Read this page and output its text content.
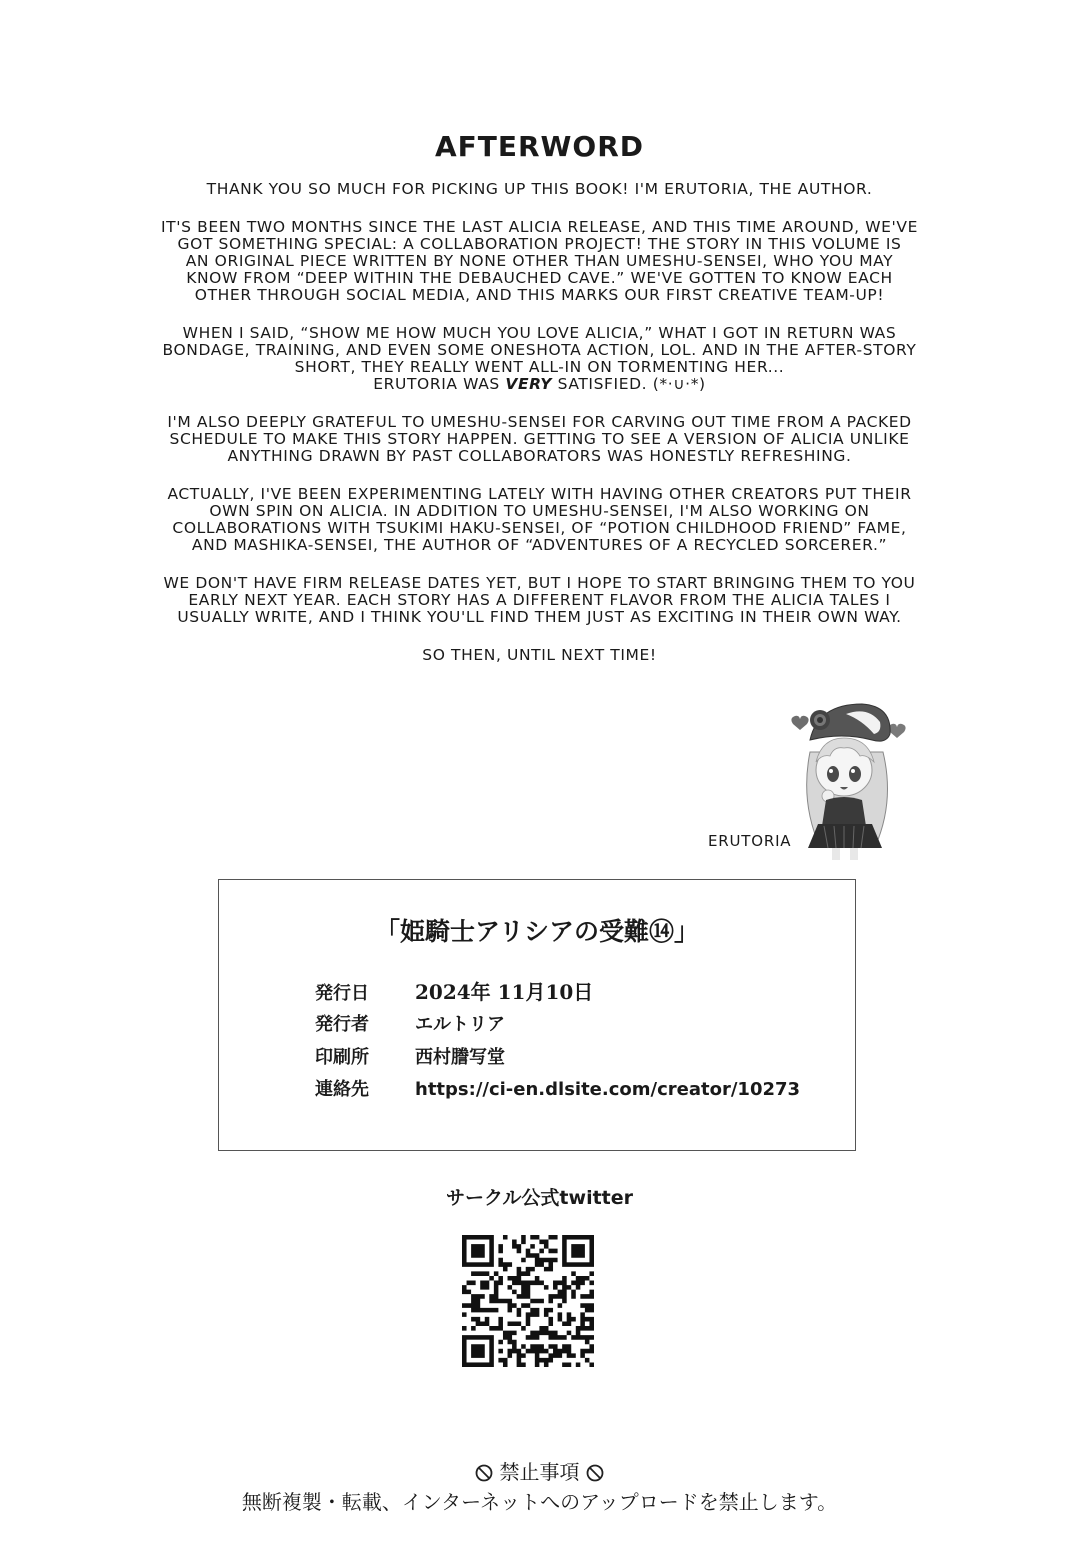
AFTERWORD

THANK YOU SO MUCH FOR PICKING UP THIS BOOK! I'M ERUTORIA, THE AUTHOR.

IT'S BEEN TWO MONTHS SINCE THE LAST ALICIA RELEASE, AND THIS TIME AROUND, WE'VE
GOT SOMETHING SPECIAL: A COLLABORATION PROJECT! THE STORY IN THIS VOLUME IS
AN ORIGINAL PIECE WRITTEN BY NONE OTHER THAN UMESHU-SENSEI, WHO YOU MAY
KNOW FROM “DEEP WITHIN THE DEBAUCHED CAVE.” WE'VE GOTTEN TO KNOW EACH
OTHER THROUGH SOCIAL MEDIA, AND THIS MARKS OUR FIRST CREATIVE TEAM-UP!

WHEN I SAID, “SHOW ME HOW MUCH YOU LOVE ALICIA,” WHAT I GOT IN RETURN WAS
BONDAGE, TRAINING, AND EVEN SOME ONESHOTA ACTION, LOL. AND IN THE AFTER-STORY
SHORT, THEY REALLY WENT ALL-IN ON TORMENTING HER...
ERUTORIA WAS VERY SATISFIED. (*·∪·*)

I'M ALSO DEEPLY GRATEFUL TO UMESHU-SENSEI FOR CARVING OUT TIME FROM A PACKED
SCHEDULE TO MAKE THIS STORY HAPPEN. GETTING TO SEE A VERSION OF ALICIA UNLIKE
ANYTHING DRAWN BY PAST COLLABORATORS WAS HONESTLY REFRESHING.

ACTUALLY, I'VE BEEN EXPERIMENTING LATELY WITH HAVING OTHER CREATORS PUT THEIR
OWN SPIN ON ALICIA. IN ADDITION TO UMESHU-SENSEI, I'M ALSO WORKING ON
COLLABORATIONS WITH TSUKIMI HAKU-SENSEI, OF “POTION CHILDHOOD FRIEND” FAME,
AND MASHIKA-SENSEI, THE AUTHOR OF “ADVENTURES OF A RECYCLED SORCERER.”

WE DON'T HAVE FIRM RELEASE DATES YET, BUT I HOPE TO START BRINGING THEM TO YOU
EARLY NEXT YEAR. EACH STORY HAS A DIFFERENT FLAVOR FROM THE ALICIA TALES I
USUALLY WRITE, AND I THINK YOU'LL FIND THEM JUST AS EXCITING IN THEIR OWN WAY.

SO THEN, UNTIL NEXT TIME!

ERUTORIA
「姫騎士アリシアの受難⑭」
発行日 2024年 11月10日
発行者	エルトリア
印刷所	西村謄写堂
連絡先	https://ci-en.dlsite.com/creator/10273
サークル公式twitter
禁止事項
無断複製・転載、インターネットへのアップロードを禁止します。
